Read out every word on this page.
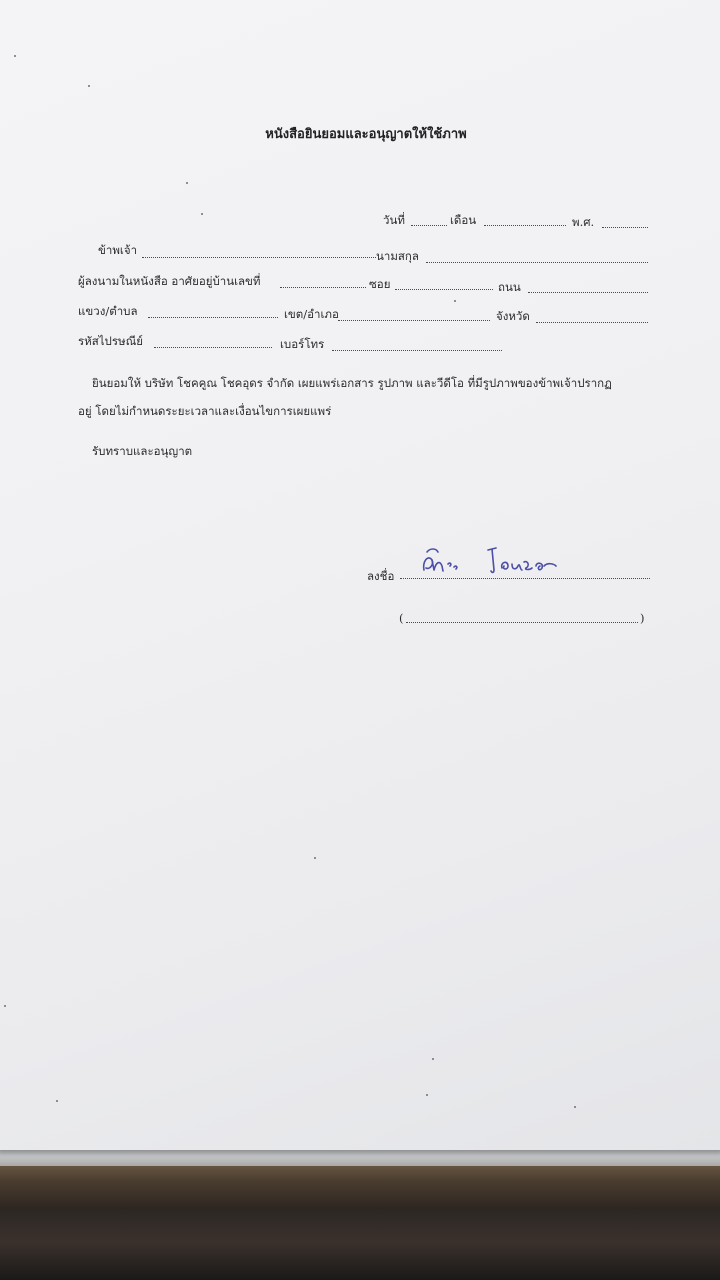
หนังสือยินยอมและอนุญาตให้ใช้ภาพ
วันที่	เดือน	พ.ศ.
ข้าพเจ้า	นามสกุล
ผู้ลงนามในหนังสือ อาศัยอยู่บ้านเลขที่	ซอย	ถนน
แขวง/ตำบล	เขต/อำเภอ	จังหวัด
รหัสไปรษณีย์	เบอร์โทร
ยินยอมให้ บริษัท โชคคูณ โชคอุดร จำกัด เผยแพร่เอกสาร รูปภาพ และวีดีโอ ที่มีรูปภาพของข้าพเจ้าปรากฏ
อยู่ โดยไม่กำหนดระยะเวลาและเงื่อนไขการเผยแพร่
รับทราบและอนุญาต
ลงชื่อ
(	)
